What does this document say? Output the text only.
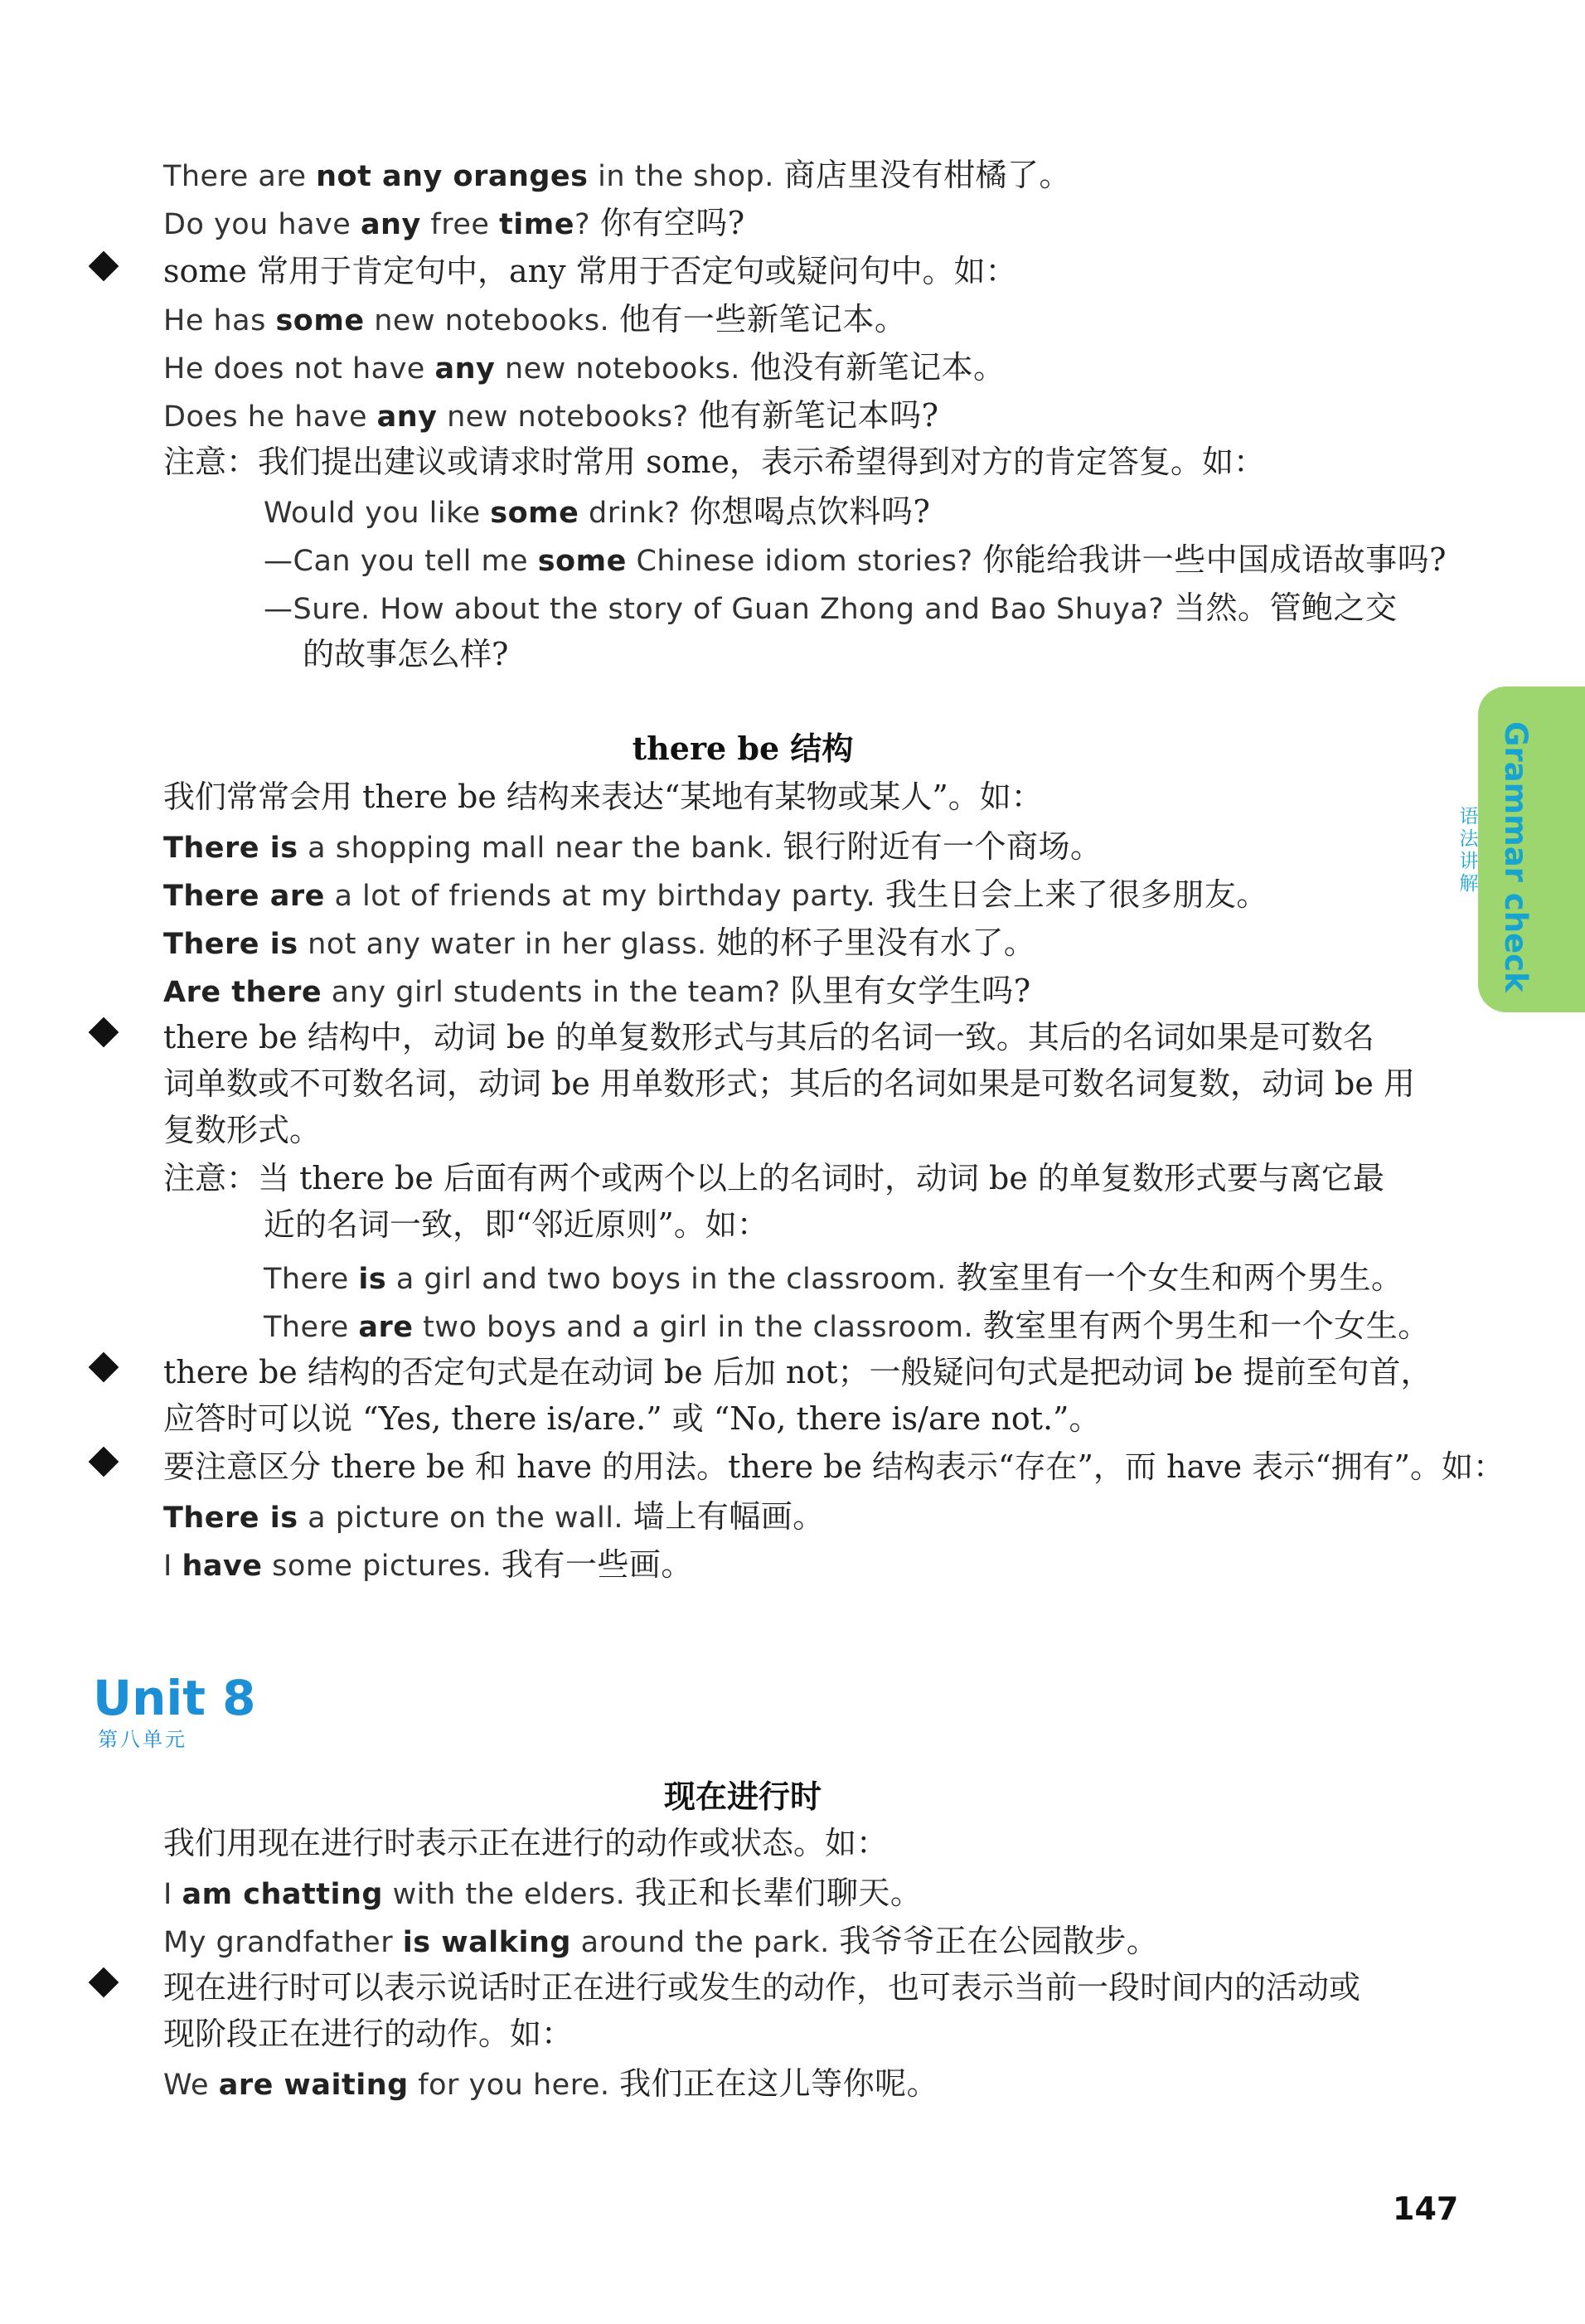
There are not any oranges in the shop. 商店里没有柑橘了。
Do you have any free time? 你有空吗?
some 常用于肯定句中，any 常用于否定句或疑问句中。如：
He has some new notebooks. 他有一些新笔记本。
He does not have any new notebooks. 他没有新笔记本。
Does he have any new notebooks? 他有新笔记本吗?
注意：我们提出建议或请求时常用 some，表示希望得到对方的肯定答复。如：
Would you like some drink? 你想喝点饮料吗?
—Can you tell me some Chinese idiom stories? 你能给我讲一些中国成语故事吗?
—Sure. How about the story of Guan Zhong and Bao Shuya? 当然。管鲍之交
的故事怎么样?
there be 结构
我们常常会用 there be 结构来表达“某地有某物或某人”。如：
There is a shopping mall near the bank. 银行附近有一个商场。
There are a lot of friends at my birthday party. 我生日会上来了很多朋友。
There is not any water in her glass. 她的杯子里没有水了。
Are there any girl students in the team? 队里有女学生吗?
there be 结构中，动词 be 的单复数形式与其后的名词一致。其后的名词如果是可数名
词单数或不可数名词，动词 be 用单数形式；其后的名词如果是可数名词复数，动词 be 用
复数形式。
注意：当 there be 后面有两个或两个以上的名词时，动词 be 的单复数形式要与离它最
近的名词一致，即“邻近原则”。如：
There is a girl and two boys in the classroom. 教室里有一个女生和两个男生。
There are two boys and a girl in the classroom. 教室里有两个男生和一个女生。
there be 结构的否定句式是在动词 be 后加 not；一般疑问句式是把动词 be 提前至句首，
应答时可以说 “Yes, there is/are.” 或 “No, there is/are not.”。
要注意区分 there be 和 have 的用法。there be 结构表示“存在”，而 have 表示“拥有”。如：
There is a picture on the wall. 墙上有幅画。
I have some pictures. 我有一些画。
Grammar check
语法讲解
Unit 8
第八单元
现在进行时
我们用现在进行时表示正在进行的动作或状态。如：
I am chatting with the elders. 我正和长辈们聊天。
My grandfather is walking around the park. 我爷爷正在公园散步。
现在进行时可以表示说话时正在进行或发生的动作，也可表示当前一段时间内的活动或
现阶段正在进行的动作。如：
We are waiting for you here. 我们正在这儿等你呢。
147
